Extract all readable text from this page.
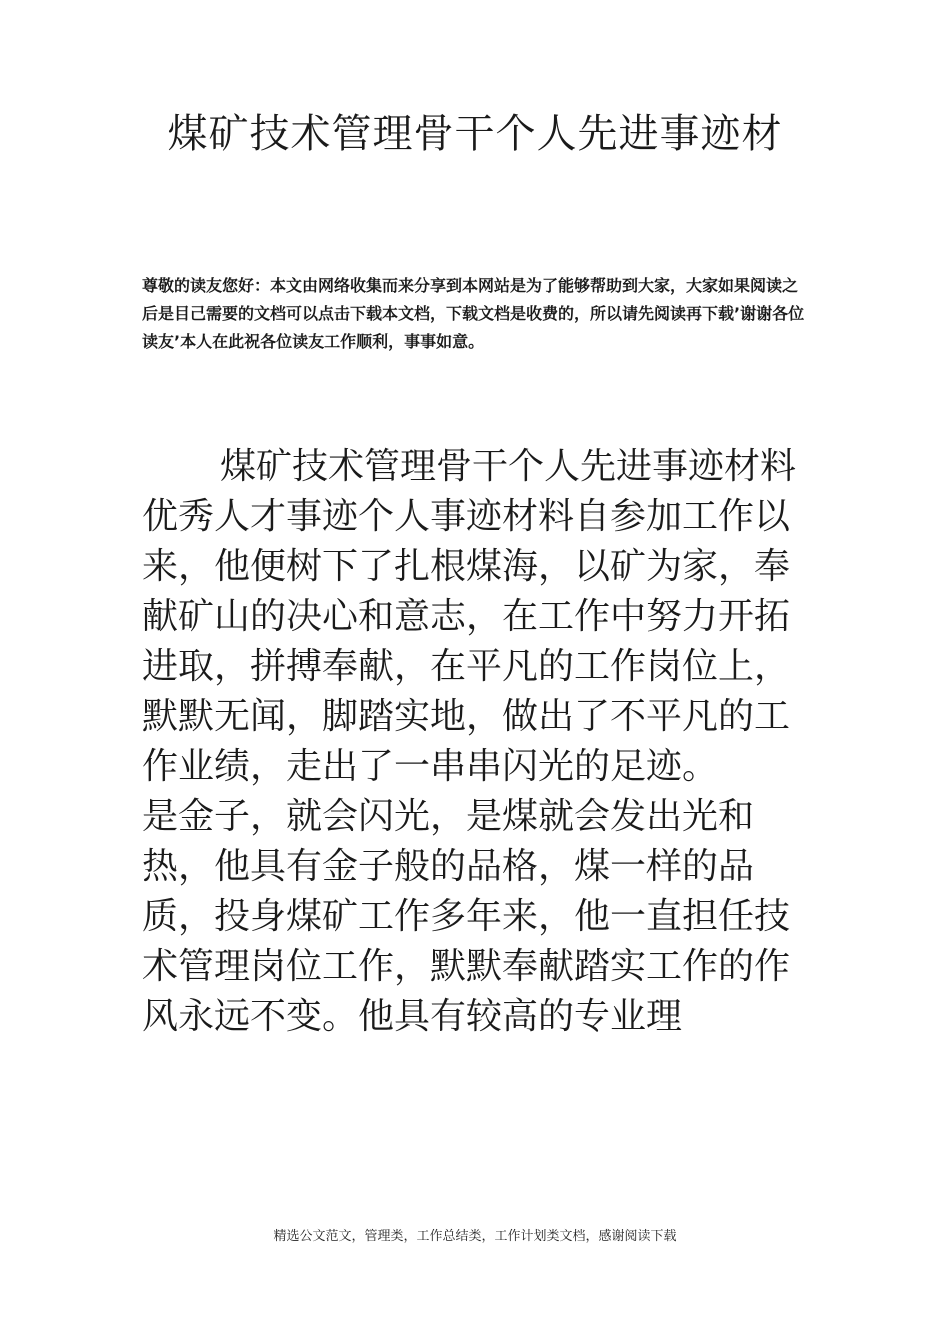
煤矿技术管理骨干个人先进事迹材

尊敬的读友您好：本文由网络收集而来分享到本网站是为了能够帮助到大家，大家如果阅读之后是目己需要的文档可以点击下载本文档，下载文档是收费的，所以请先阅读再下载’谢谢各位读友’本人在此祝各位读友工作顺利，事事如意。

煤矿技术管理骨干个人先进事迹材料

优秀人才事迹个人事迹材料自参加工作以来，他便树下了扎根煤海，以矿为家，奉献矿山的决心和意志，在工作中努力开拓进取，拼搏奉献，在平凡的工作岗位上，默默无闻，脚踏实地，做出了不平凡的工作业绩，走出了一串串闪光的足迹。

是金子，就会闪光，是煤就会发出光和热，他具有金子般的品格，煤一样的品质，投身煤矿工作多年来，他一直担任技术管理岗位工作，默默奉献踏实工作的作风永远不变。他具有较高的专业理

精选公文范文，管理类，工作总结类，工作计划类文档，感谢阅读下载
